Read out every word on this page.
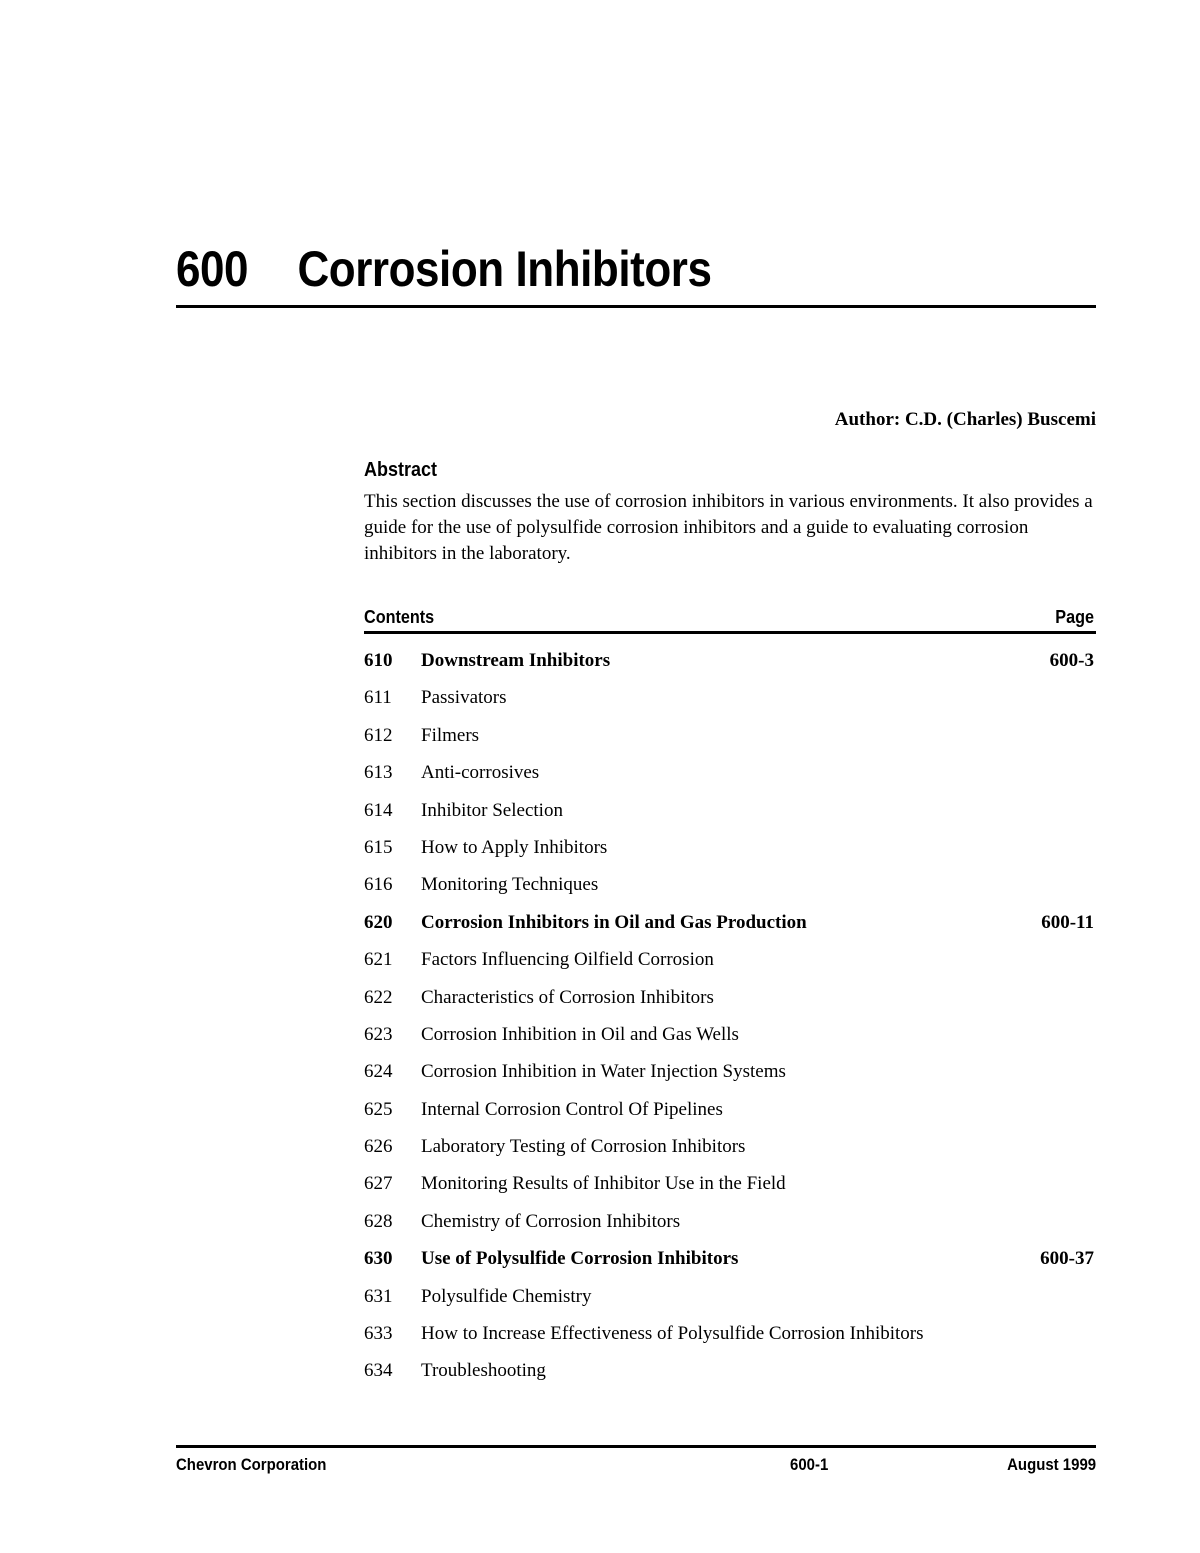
600 Corrosion Inhibitors
Author: C.D. (Charles) Buscemi
Abstract
This section discusses the use of corrosion inhibitors in various environments. It also provides a guide for the use of polysulfide corrosion inhibitors and a guide to evaluating corrosion inhibitors in the laboratory.
Contents	Page
610 Downstream Inhibitors	600-3
611 Passivators
612 Filmers
613 Anti-corrosives
614 Inhibitor Selection
615 How to Apply Inhibitors
616 Monitoring Techniques
620 Corrosion Inhibitors in Oil and Gas Production	600-11
621 Factors Influencing Oilfield Corrosion
622 Characteristics of Corrosion Inhibitors
623 Corrosion Inhibition in Oil and Gas Wells
624 Corrosion Inhibition in Water Injection Systems
625 Internal Corrosion Control Of Pipelines
626 Laboratory Testing of Corrosion Inhibitors
627 Monitoring Results of Inhibitor Use in the Field
628 Chemistry of Corrosion Inhibitors
630 Use of Polysulfide Corrosion Inhibitors	600-37
631 Polysulfide Chemistry
633 How to Increase Effectiveness of Polysulfide Corrosion Inhibitors
634 Troubleshooting
Chevron Corporation	600-1	August 1999
